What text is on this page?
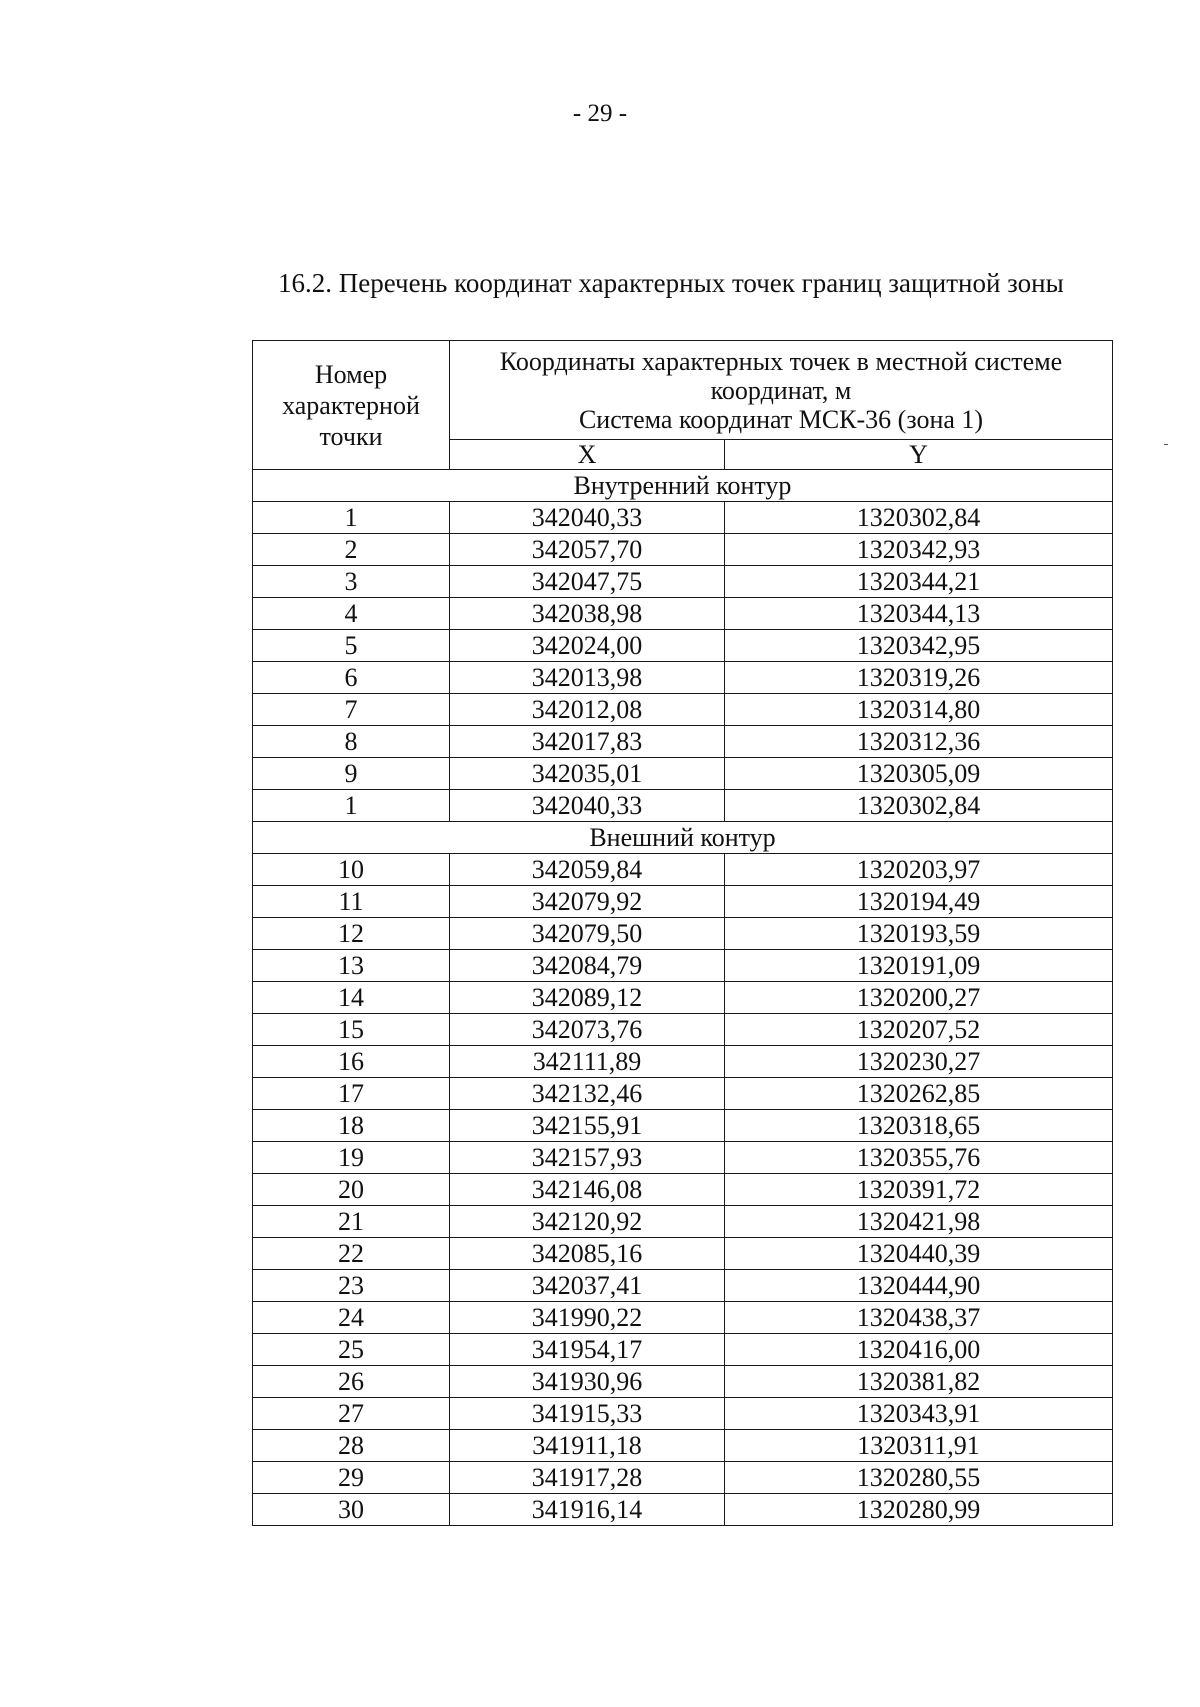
- 29 -
16.2. Перечень координат характерных точек границ защитной зоны
Номер характерной точки	Координаты характерных точек в местной системе координат, м
Система координат МСК-36 (зона 1)	

	X	Y
Внутренний контур		
1	342040,33	1320302,84
2	342057,70	1320342,93
3	342047,75	1320344,21
4	342038,98	1320344,13
5	342024,00	1320342,95
6	342013,98	1320319,26
7	342012,08	1320314,80
8	342017,83	1320312,36
9	342035,01	1320305,09
1	342040,33	1320302,84
Внешний контур		
10	342059,84	1320203,97
11	342079,92	1320194,49
12	342079,50	1320193,59
13	342084,79	1320191,09
14	342089,12	1320200,27
15	342073,76	1320207,52
16	342111,89	1320230,27
17	342132,46	1320262,85
18	342155,91	1320318,65
19	342157,93	1320355,76
20	342146,08	1320391,72
21	342120,92	1320421,98
22	342085,16	1320440,39
23	342037,41	1320444,90
24	341990,22	1320438,37
25	341954,17	1320416,00
26	341930,96	1320381,82
27	341915,33	1320343,91
28	341911,18	1320311,91
29	341917,28	1320280,55
30	341916,14	1320280,99
